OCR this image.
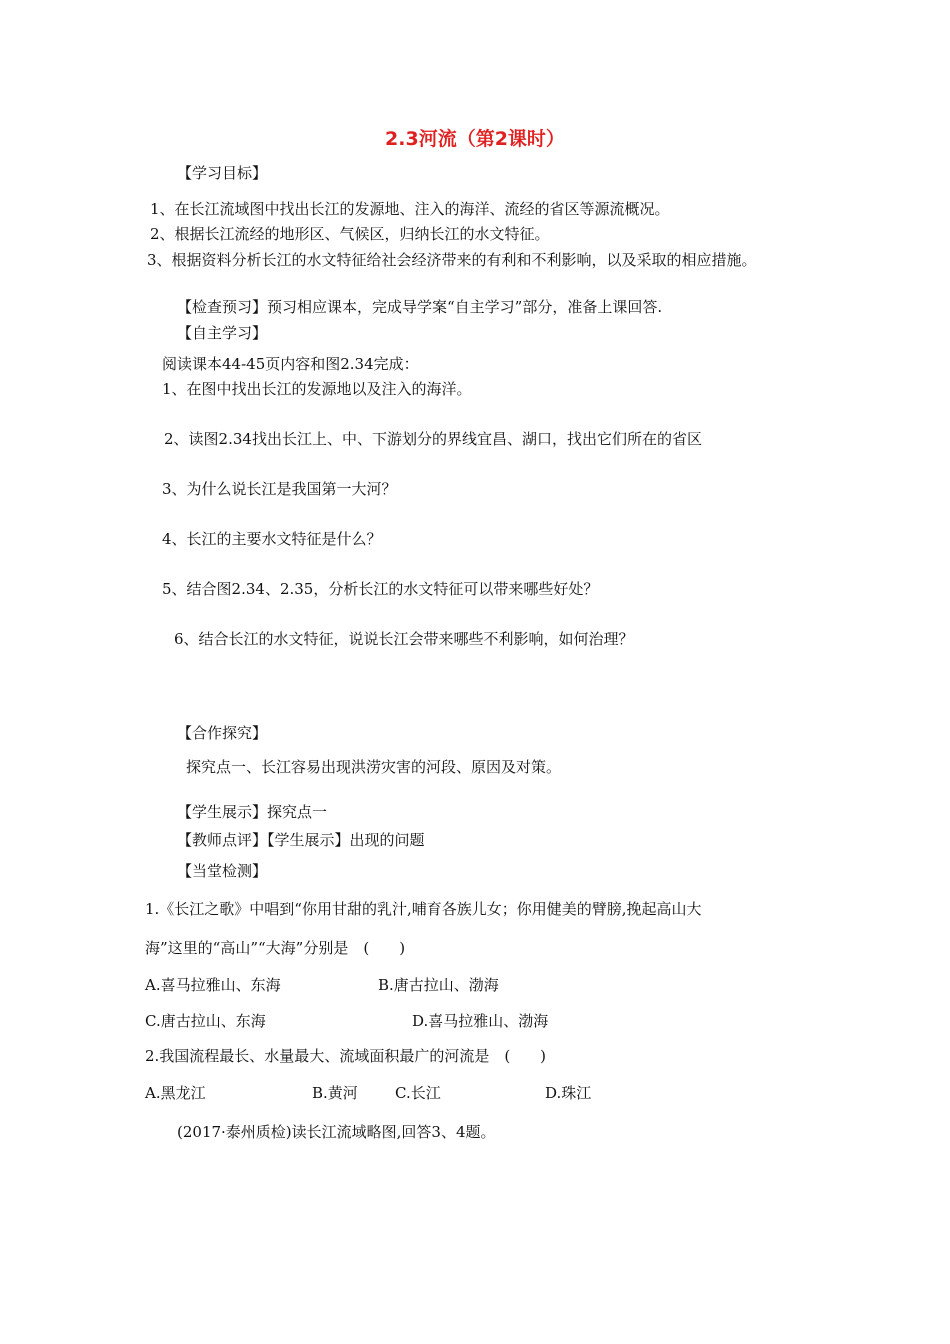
2.3河流（第2课时）
【学习目标】
1、在长江流域图中找出长江的发源地、注入的海洋、流经的省区等源流概况。
2、根据长江流经的地形区、气候区，归纳长江的水文特征。
3、根据资料分析长江的水文特征给社会经济带来的有利和不利影响，以及采取的相应措施。
【检查预习】预习相应课本，完成导学案“自主学习”部分，准备上课回答.
【自主学习】
阅读课本44-45页内容和图2.34完成：
1、在图中找出长江的发源地以及注入的海洋。
2、读图2.34找出长江上、中、下游划分的界线宜昌、湖口，找出它们所在的省区
3、为什么说长江是我国第一大河？
4、长江的主要水文特征是什么？
5、结合图2.34、2.35，分析长江的水文特征可以带来哪些好处？
6、结合长江的水文特征，说说长江会带来哪些不利影响，如何治理？
【合作探究】
探究点一、长江容易出现洪涝灾害的河段、原因及对策。
【学生展示】探究点一
【教师点评】【学生展示】出现的问题
【当堂检测】
1.《长江之歌》中唱到“你用甘甜的乳汁,哺育各族儿女；你用健美的臂膀,挽起高山大
海”这里的“高山”“大海”分别是　(　　)
A.喜马拉雅山、东海	B.唐古拉山、渤海
C.唐古拉山、东海	D.喜马拉雅山、渤海
2.我国流程最长、水量最大、流域面积最广的河流是　(　　)
A.黑龙江	B.黄河 C.长江	D.珠江
(2017·泰州质检)读长江流域略图,回答3、4题。
